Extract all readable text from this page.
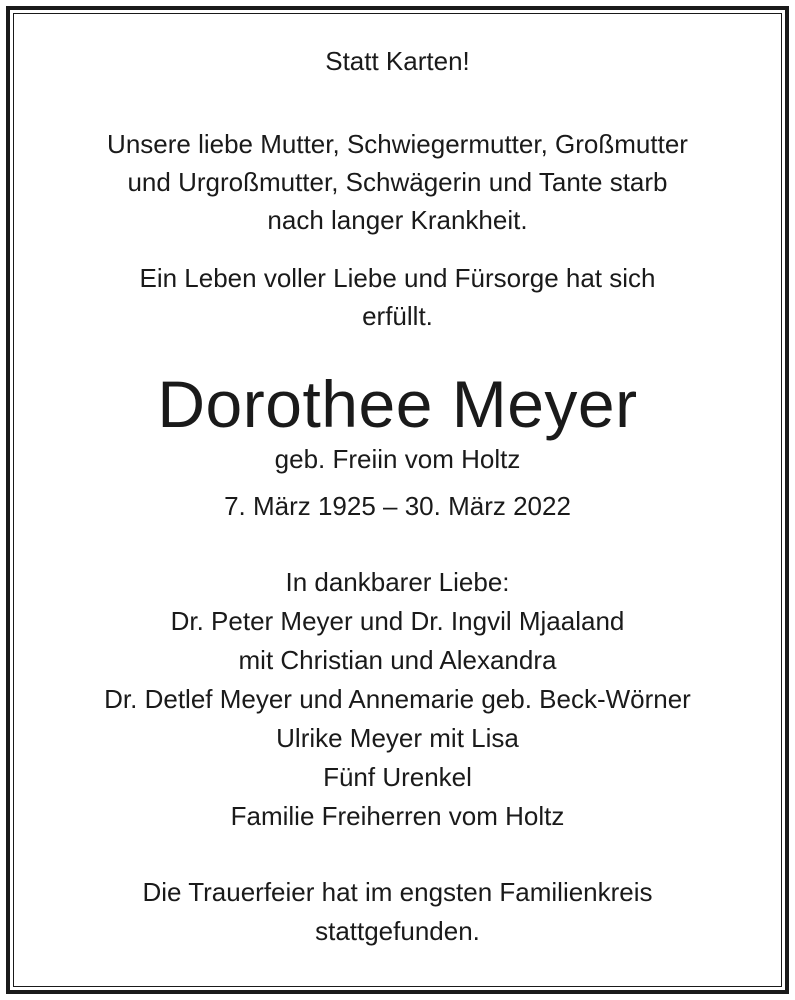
Statt Karten!
Unsere liebe Mutter, Schwiegermutter, Großmutter
und Urgroßmutter, Schwägerin und Tante starb
nach langer Krankheit.
Ein Leben voller Liebe und Fürsorge hat sich
erfüllt.
Dorothee Meyer
geb. Freiin vom Holtz
7. März 1925 – 30. März 2022
In dankbarer Liebe:
Dr. Peter Meyer und Dr. Ingvil Mjaaland
mit Christian und Alexandra
Dr. Detlef Meyer und Annemarie geb. Beck-Wörner
Ulrike Meyer mit Lisa
Fünf Urenkel
Familie Freiherren vom Holtz
Die Trauerfeier hat im engsten Familienkreis
stattgefunden.
